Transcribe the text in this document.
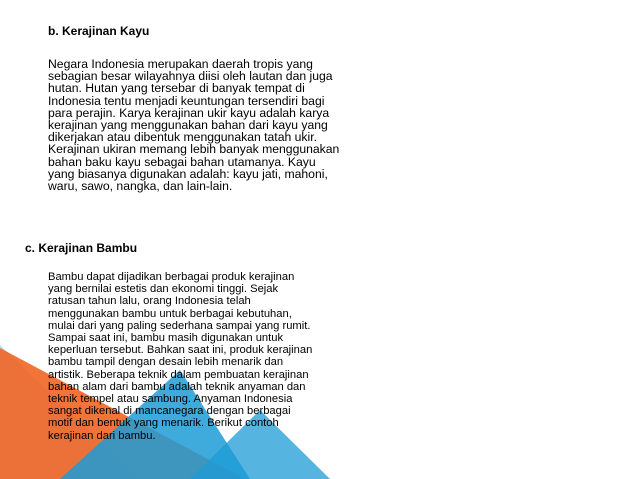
b. Kerajinan Kayu

Negara Indonesia merupakan daerah tropis yang
sebagian besar wilayahnya diisi oleh lautan dan juga
hutan. Hutan yang tersebar di banyak tempat di
Indonesia tentu menjadi keuntungan tersendiri bagi
para perajin. Karya kerajinan ukir kayu adalah karya
kerajinan yang menggunakan bahan dari kayu yang
dikerjakan atau dibentuk menggunakan tatah ukir.
Kerajinan ukiran memang lebih banyak menggunakan
bahan baku kayu sebagai bahan utamanya. Kayu
yang biasanya digunakan adalah: kayu jati, mahoni,
waru, sawo, nangka, dan lain-lain.

c. Kerajinan Bambu

Bambu dapat dijadikan berbagai produk kerajinan
yang bernilai estetis dan ekonomi tinggi. Sejak
ratusan tahun lalu, orang Indonesia telah
menggunakan bambu untuk berbagai kebutuhan,
mulai dari yang paling sederhana sampai yang rumit.
Sampai saat ini, bambu masih digunakan untuk
keperluan tersebut. Bahkan saat ini, produk kerajinan
bambu tampil dengan desain lebih menarik dan
artistik. Beberapa teknik dalam pembuatan kerajinan
bahan alam dari bambu adalah teknik anyaman dan
teknik tempel atau sambung. Anyaman Indonesia
sangat dikenal di mancanegara dengan berbagai
motif dan bentuk yang menarik. Berikut contoh
kerajinan dari bambu.
